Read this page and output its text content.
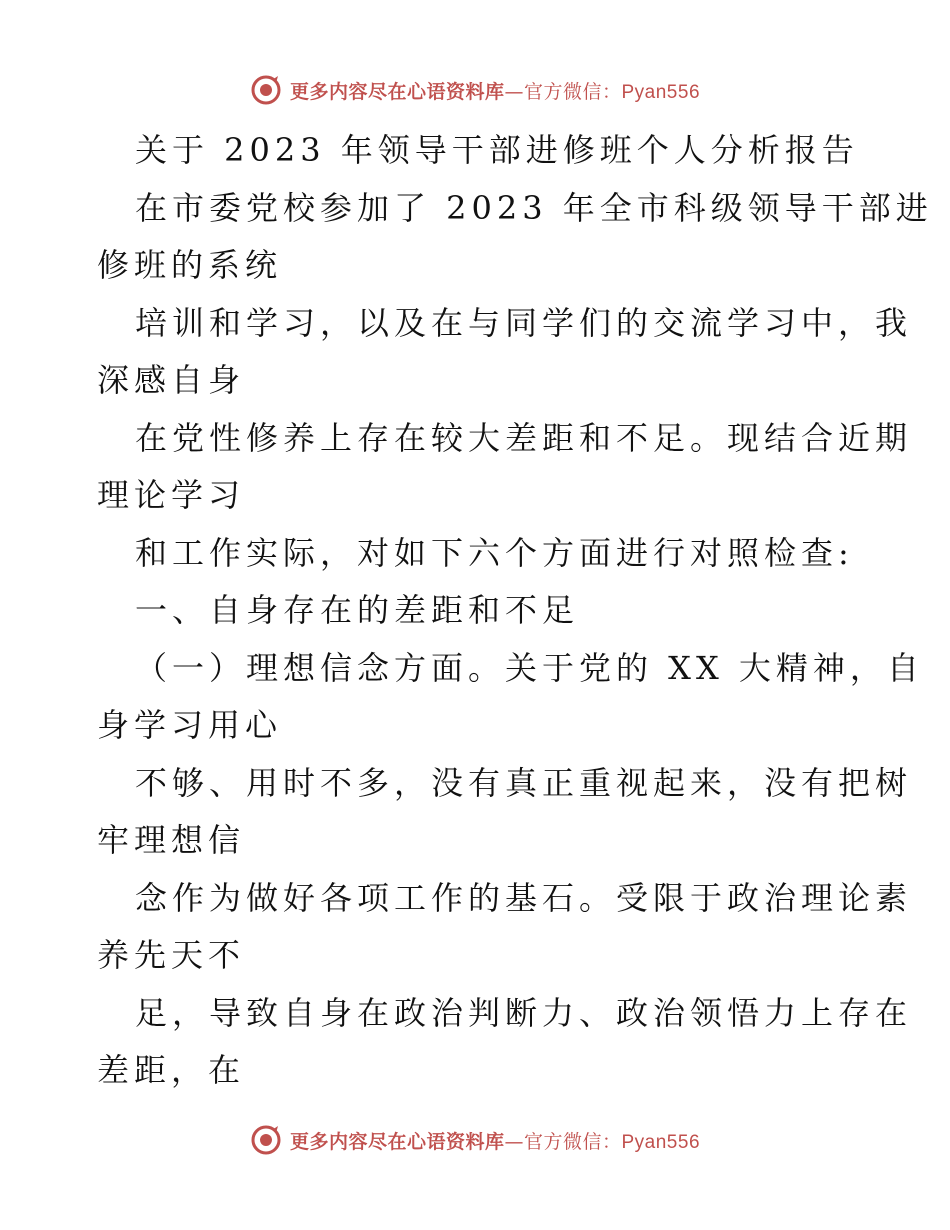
更多内容尽在心语资料库—官方微信：Pyan556
关于 2023 年领导干部进修班个人分析报告
在市委党校参加了 2023 年全市科级领导干部进
修班的系统
培训和学习，以及在与同学们的交流学习中，我
深感自身
在党性修养上存在较大差距和不足。现结合近期
理论学习
和工作实际，对如下六个方面进行对照检查:
一、自身存在的差距和不足
（一）理想信念方面。关于党的 XX 大精神，自
身学习用心
不够、用时不多，没有真正重视起来，没有把树
牢理想信
念作为做好各项工作的基石。受限于政治理论素
养先天不
足，导致自身在政治判断力、政治领悟力上存在
差距，在
更多内容尽在心语资料库—官方微信：Pyan556
